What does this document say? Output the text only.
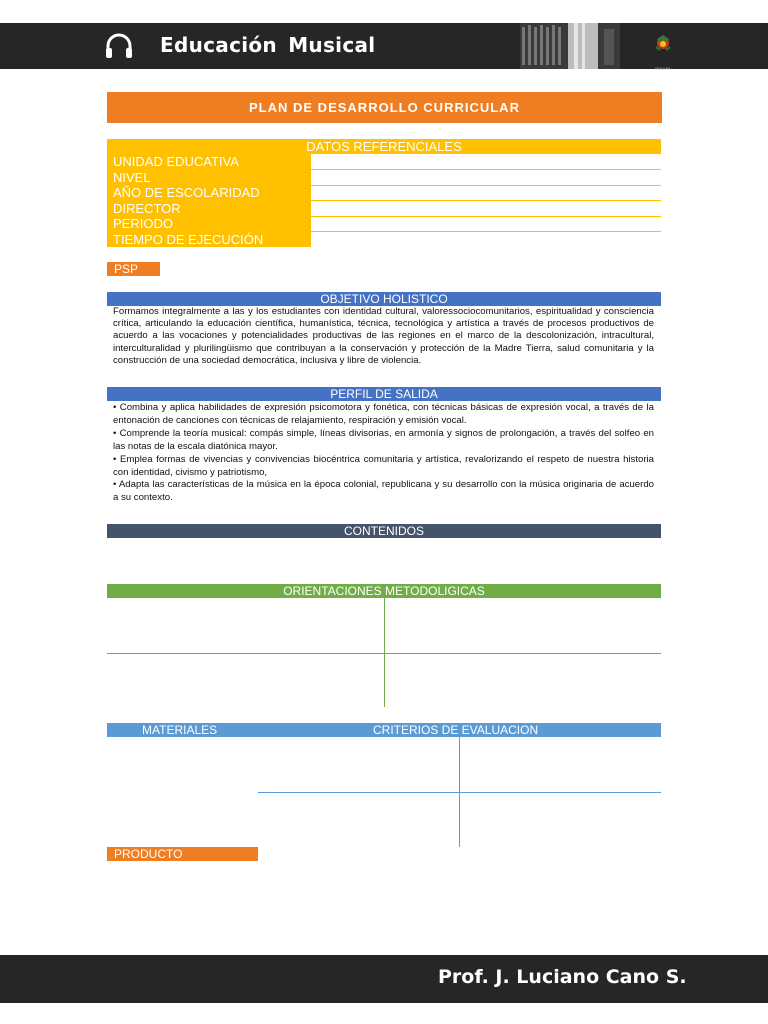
Educación Musical
BOLIVIA
PLAN DE DESARROLLO CURRICULAR
DATOS REFERENCIALES
UNIDAD EDUCATIVA
NIVEL
AÑO DE ESCOLARIDAD
DIRECTOR
PERIODO
TIEMPO DE EJECUCIÓN
PSP
OBJETIVO HOLISTICO
Formamos integralmente a las y los estudiantes con identidad cultural, valoressociocomunitarios, espiritualidad y consciencia crítica, articulando la educación científica, humanística, técnica, tecnológica y artística a través de procesos productivos de acuerdo a las vocaciones y potencialidades productivas de las regiones en el marco de la descolonización, intracultural, interculturalidad y plurilingüismo que contribuyan a la conservación y protección de la Madre Tierra, salud comunitaria y la construcción de una sociedad democrática, inclusiva y libre de violencia.
PERFIL DE SALIDA

• Combina y aplica habilidades de expresión psicomotora y fonética, con técnicas básicas de expresión vocal, a través de la entonación de canciones con técnicas de relajamiento, respiración y emisión vocal.

• Comprende la teoría musical: compás simple, líneas divisorias, en armonía y signos de prolongación, a través del solfeo en las notas de la escala diatónica mayor.

• Emplea formas de vivencias y convivencias biocéntrica comunitaria y artística, revalorizando el respeto de nuestra historia con identidad, civismo y patriotismo,

• Adapta las características de la música en la época colonial, republicana y su desarrollo con la música originaria de acuerdo a su contexto.

CONTENIDOS
ORIENTACIONES METODOLIGICAS
MATERIALES	CRITERIOS DE EVALUACION
PRODUCTO
Prof. J. Luciano Cano S.
